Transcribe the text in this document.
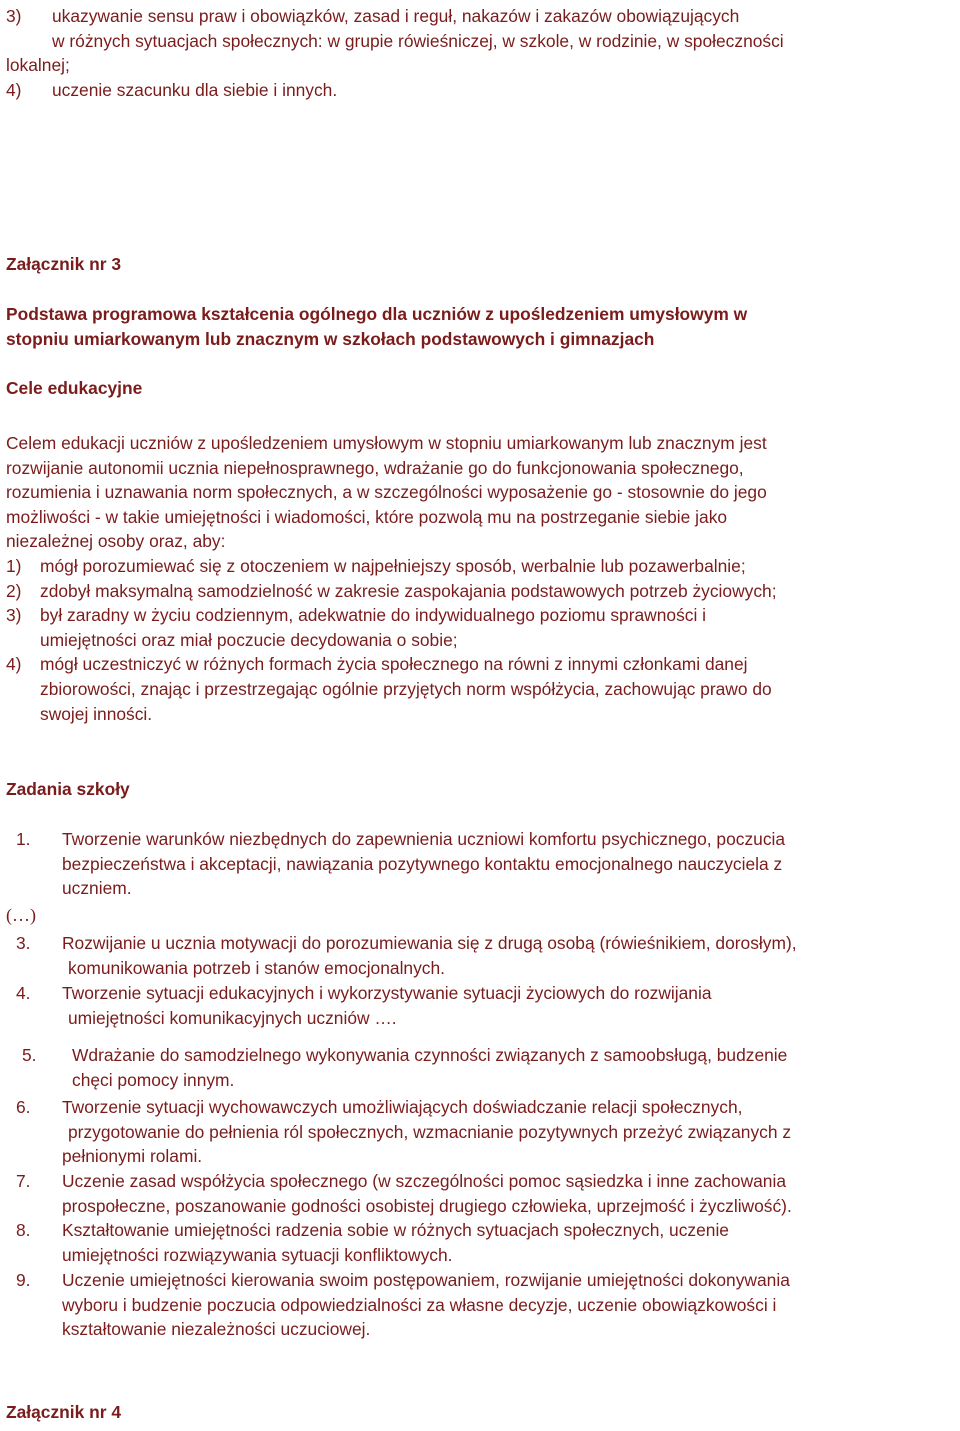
3)	ukazywanie sensu praw i obowiązków, zasad i reguł, nakazów i zakazów obowiązujących
w różnych sytuacjach społecznych: w grupie rówieśniczej, w szkole, w rodzinie, w społeczności
lokalnej;
4)	uczenie szacunku dla siebie i innych.
Załącznik nr 3
Podstawa programowa kształcenia ogólnego dla uczniów z upośledzeniem umysłowym w
stopniu umiarkowanym lub znacznym w szkołach podstawowych i gimnazjach
Cele edukacyjne
Celem edukacji uczniów z upośledzeniem umysłowym w stopniu umiarkowanym lub znacznym jest
rozwijanie autonomii ucznia niepełnosprawnego, wdrażanie go do funkcjonowania społecznego,
rozumienia i uznawania norm społecznych, a w szczególności wyposażenie go - stosownie do jego
możliwości - w takie umiejętności i wiadomości, które pozwolą mu na postrzeganie siebie jako
niezależnej osoby oraz, aby:
1)	mógł porozumiewać się z otoczeniem w najpełniejszy sposób, werbalnie lub pozawerbalnie;
2)	zdobył maksymalną samodzielność w zakresie zaspokajania podstawowych potrzeb życiowych;
3)	był zaradny w życiu codziennym, adekwatnie do indywidualnego poziomu sprawności i
umiejętności oraz miał poczucie decydowania o sobie;
4)	mógł uczestniczyć w różnych formach życia społecznego na równi z innymi członkami danej
zbiorowości, znając i przestrzegając ogólnie przyjętych norm współżycia, zachowując prawo do
swojej inności.
Zadania szkoły
1.	Tworzenie warunków niezbędnych do zapewnienia uczniowi komfortu psychicznego, poczucia
bezpieczeństwa i akceptacji, nawiązania pozytywnego kontaktu emocjonalnego nauczyciela z
uczniem.
(…)
3.	Rozwijanie u ucznia motywacji do porozumiewania się z drugą osobą (rówieśnikiem, dorosłym),
komunikowania potrzeb i stanów emocjonalnych.
4.	Tworzenie sytuacji edukacyjnych i wykorzystywanie sytuacji życiowych do rozwijania
umiejętności komunikacyjnych uczniów ….
5.	Wdrażanie do samodzielnego wykonywania czynności związanych z samoobsługą, budzenie
chęci pomocy innym.
6.	Tworzenie sytuacji wychowawczych umożliwiających doświadczanie relacji społecznych,
przygotowanie do pełnienia ról społecznych, wzmacnianie pozytywnych przeżyć związanych z
pełnionymi rolami.
7.	Uczenie zasad współżycia społecznego (w szczególności pomoc sąsiedzka i inne zachowania
prospołeczne, poszanowanie godności osobistej drugiego człowieka, uprzejmość i życzliwość).
8.	Kształtowanie umiejętności radzenia sobie w różnych sytuacjach społecznych, uczenie
umiejętności rozwiązywania sytuacji konfliktowych.
9.	Uczenie umiejętności kierowania swoim postępowaniem, rozwijanie umiejętności dokonywania
wyboru i budzenie poczucia odpowiedzialności za własne decyzje, uczenie obowiązkowości i
kształtowanie niezależności uczuciowej.
Załącznik nr 4
